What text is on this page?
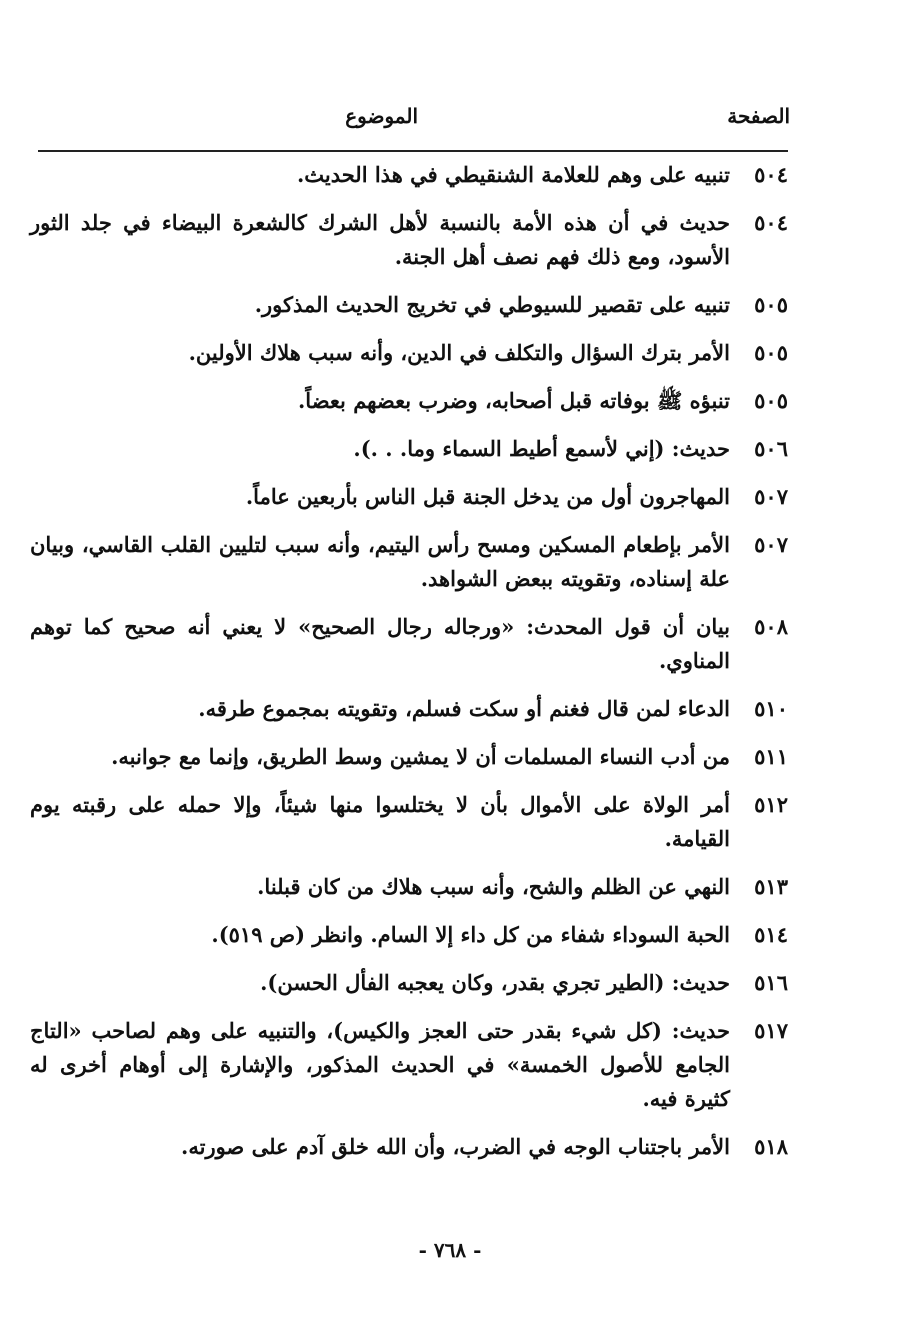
الصفحة
الموضوع
٥٠٤
تنبيه على وهم للعلامة الشنقيطي في هذا الحديث.
٥٠٤
حديث في أن هذه الأمة بالنسبة لأهل الشرك كالشعرة البيضاء في جلد الثور الأسود، ومع ذلك فهم نصف أهل الجنة.
٥٠٥
تنبيه على تقصير للسيوطي في تخريج الحديث المذكور.
٥٠٥
الأمر بترك السؤال والتكلف في الدين، وأنه سبب هلاك الأولين.
٥٠٥
تنبؤه ﷺ بوفاته قبل أصحابه، وضرب بعضهم بعضاً.
٥٠٦
حديث: (إني لأسمع أطيط السماء وما. . .).
٥٠٧
المهاجرون أول من يدخل الجنة قبل الناس بأربعين عاماً.
٥٠٧
الأمر بإطعام المسكين ومسح رأس اليتيم، وأنه سبب لتليين القلب القاسي، وبيان علة إسناده، وتقويته ببعض الشواهد.
٥٠٨
بيان أن قول المحدث: «ورجاله رجال الصحيح» لا يعني أنه صحيح كما توهم المناوي.
٥١٠
الدعاء لمن قال فغنم أو سكت فسلم، وتقويته بمجموع طرقه.
٥١١
من أدب النساء المسلمات أن لا يمشين وسط الطريق، وإنما مع جوانبه.
٥١٢
أمر الولاة على الأموال بأن لا يختلسوا منها شيئاً، وإلا حمله على رقبته يوم القيامة.
٥١٣
النهي عن الظلم والشح، وأنه سبب هلاك من كان قبلنا.
٥١٤
الحبة السوداء شفاء من كل داء إلا السام. وانظر (ص ٥١٩).
٥١٦
حديث: (الطير تجري بقدر، وكان يعجبه الفأل الحسن).
٥١٧
حديث: (كل شيء بقدر حتى العجز والكيس)، والتنبيه على وهم لصاحب «التاج الجامع للأصول الخمسة» في الحديث المذكور، والإشارة إلى أوهام أخرى له كثيرة فيه.
٥١٨
الأمر باجتناب الوجه في الضرب، وأن الله خلق آدم على صورته.
- ٧٦٨ -
